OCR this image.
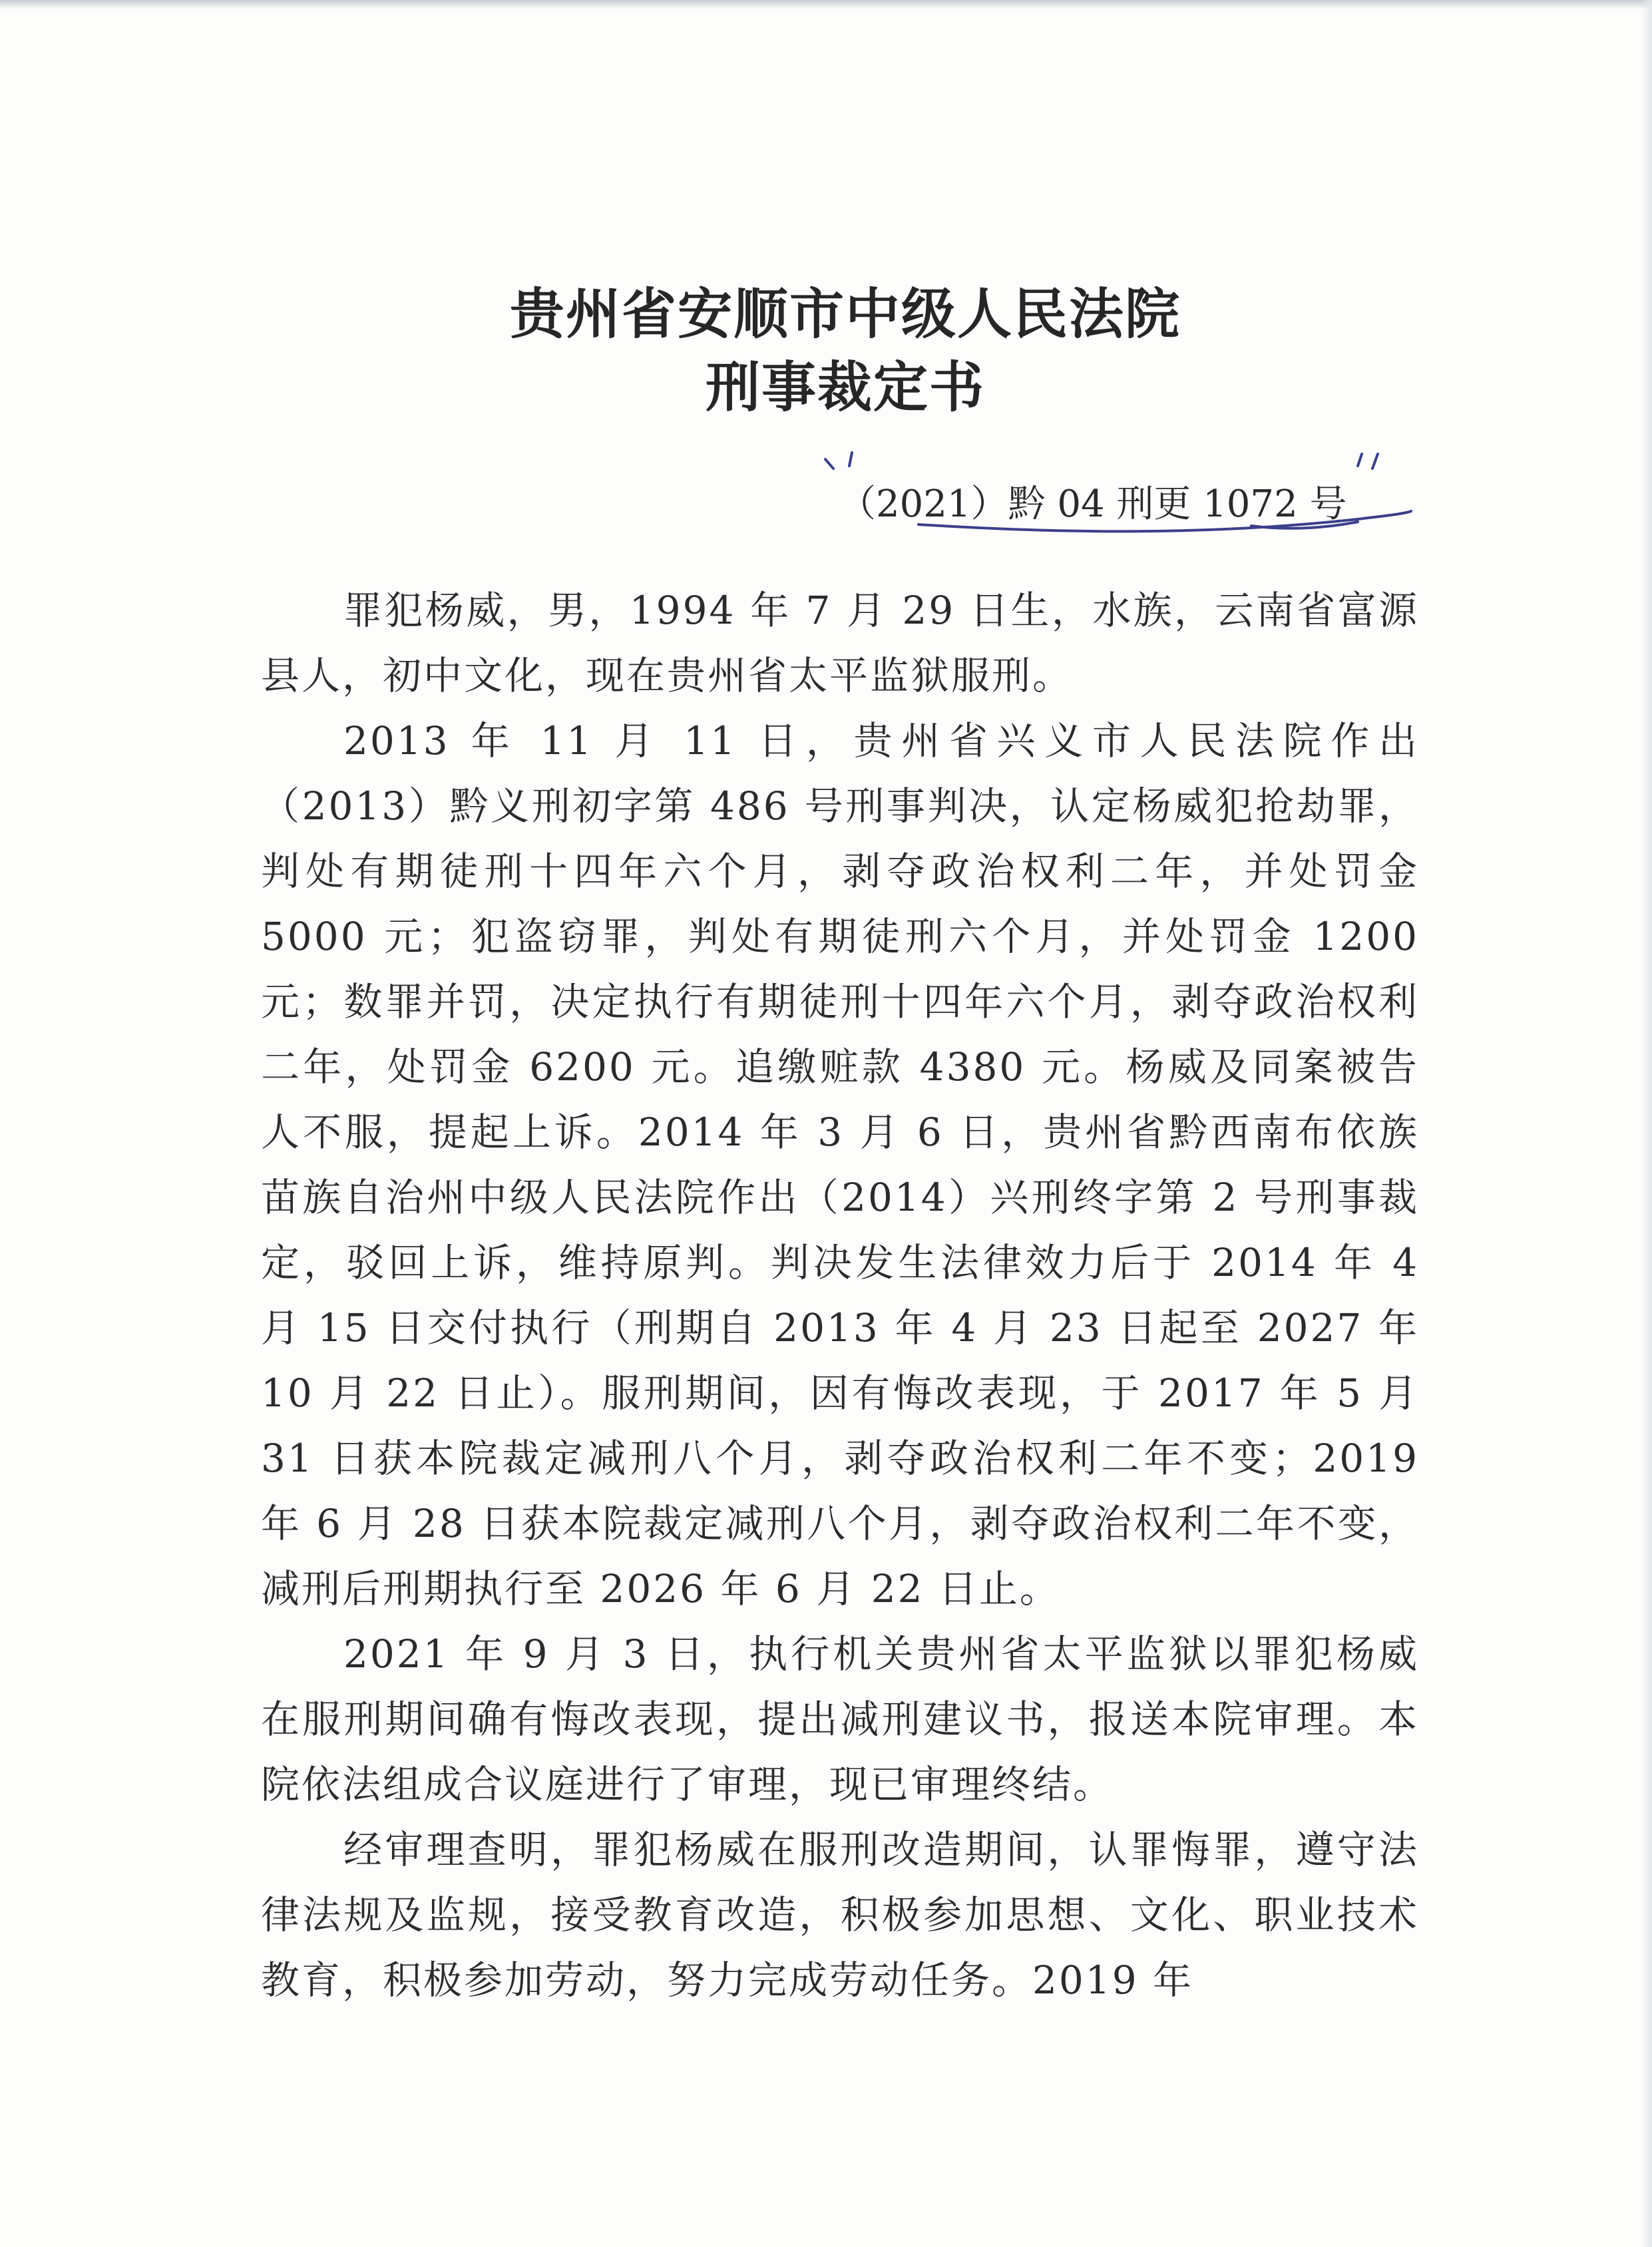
贵州省安顺市中级人民法院
刑事裁定书
（2021）黔 04 刑更 1072 号

罪犯杨威，男，1994 年 7 月 29 日生，水族，云南省富源县人，初中文化，现在贵州省太平监狱服刑。

2013 年 11 月 11 日，贵州省兴义市人民法院作出（2013）黔义刑初字第 486 号刑事判决，认定杨威犯抢劫罪，判处有期徒刑十四年六个月，剥夺政治权利二年，并处罚金 5000 元；犯盗窃罪，判处有期徒刑六个月，并处罚金 1200 元；数罪并罚，决定执行有期徒刑十四年六个月，剥夺政治权利二年，处罚金 6200 元。追缴赃款 4380 元。杨威及同案被告人不服，提起上诉。2014 年 3 月 6 日，贵州省黔西南布依族苗族自治州中级人民法院作出（2014）兴刑终字第 2 号刑事裁定，驳回上诉，维持原判。判决发生法律效力后于 2014 年 4 月 15 日交付执行（刑期自 2013 年 4 月 23 日起至 2027 年 10 月 22 日止）。服刑期间，因有悔改表现，于 2017 年 5 月 31 日获本院裁定减刑八个月，剥夺政治权利二年不变；2019 年 6 月 28 日获本院裁定减刑八个月，剥夺政治权利二年不变，减刑后刑期执行至 2026 年 6 月 22 日止。

2021 年 9 月 3 日，执行机关贵州省太平监狱以罪犯杨威在服刑期间确有悔改表现，提出减刑建议书，报送本院审理。本院依法组成合议庭进行了审理，现已审理终结。

经审理查明，罪犯杨威在服刑改造期间，认罪悔罪，遵守法律法规及监规，接受教育改造，积极参加思想、文化、职业技术教育，积极参加劳动，努力完成劳动任务。2019 年
